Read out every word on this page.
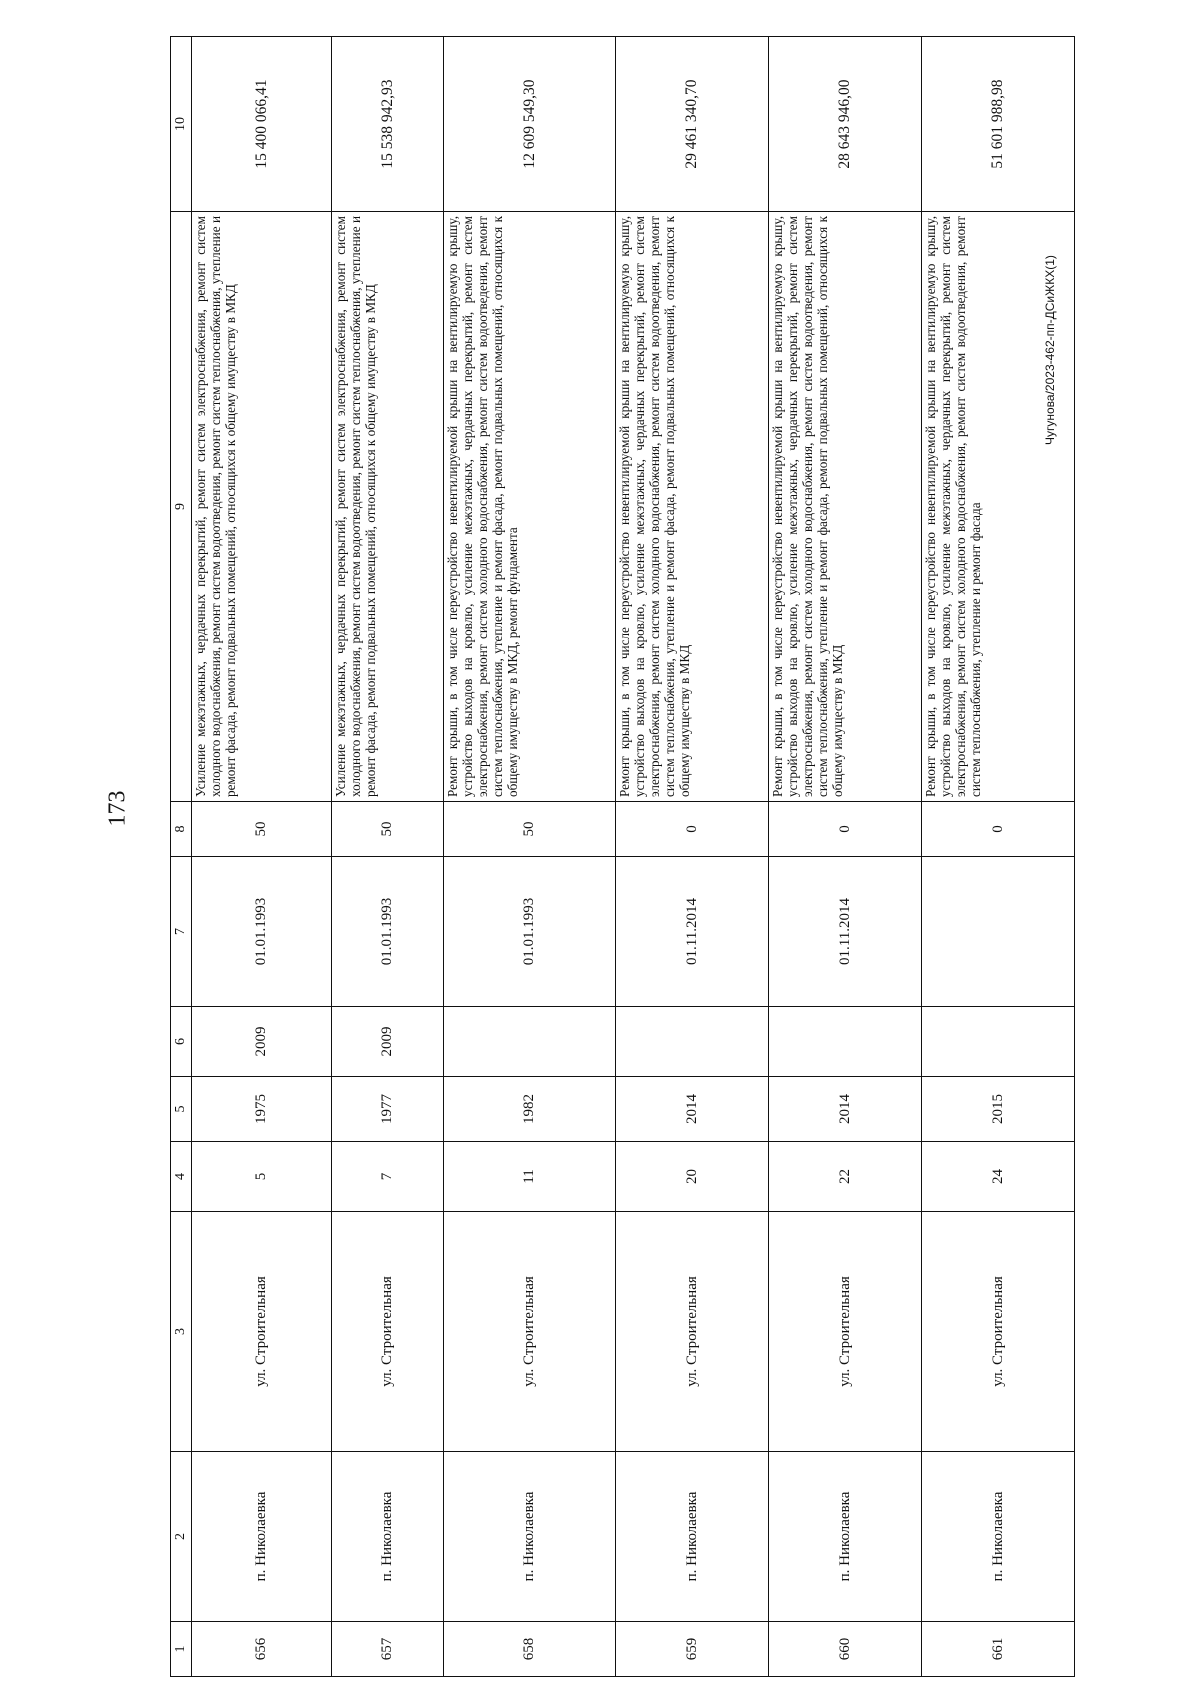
173
Чугунова/2023-462-пп-ДСиЖКХ(1)
1	2	3	4	5	6	7	8	9	10
656	п. Николаевка	ул. Строительная	5	1975	2009	01.01.1993	50	Усиление межэтажных, чердачных перекрытий, ремонт систем электроснабжения, ремонт систем холодного водоснабжения, ремонт систем водоотведения, ремонт систем теплоснабжения, утепление и ремонт фасада, ремонт подвальных помещений, относящихся к общему имуществу в МКД	15 400 066,41
657	п. Николаевка	ул. Строительная	7	1977	2009	01.01.1993	50	Усиление межэтажных, чердачных перекрытий, ремонт систем электроснабжения, ремонт систем холодного водоснабжения, ремонт систем водоотведения, ремонт систем теплоснабжения, утепление и ремонт фасада, ремонт подвальных помещений, относящихся к общему имуществу в МКД	15 538 942,93
658	п. Николаевка	ул. Строительная	11	1982		01.01.1993	50	Ремонт крыши, в том числе переустройство невентилируемой крыши на вентилируемую крышу, устройство выходов на кровлю, усиление межэтажных, чердачных перекрытий, ремонт систем электроснабжения, ремонт систем холодного водоснабжения, ремонт систем водоотведения, ремонт систем теплоснабжения, утепление и ремонт фасада, ремонт подвальных помещений, относящихся к общему имуществу в МКД, ремонт фундамента	12 609 549,30
659	п. Николаевка	ул. Строительная	20	2014		01.11.2014	0	Ремонт крыши, в том числе переустройство невентилируемой крыши на вентилируемую крышу, устройство выходов на кровлю, усиление межэтажных, чердачных перекрытий, ремонт систем электроснабжения, ремонт систем холодного водоснабжения, ремонт систем водоотведения, ремонт систем теплоснабжения, утепление и ремонт фасада, ремонт подвальных помещений, относящихся к общему имуществу в МКД	29 461 340,70
660	п. Николаевка	ул. Строительная	22	2014		01.11.2014	0	Ремонт крыши, в том числе переустройство невентилируемой крыши на вентилируемую крышу, устройство выходов на кровлю, усиление межэтажных, чердачных перекрытий, ремонт систем электроснабжения, ремонт систем холодного водоснабжения, ремонт систем водоотведения, ремонт систем теплоснабжения, утепление и ремонт фасада, ремонт подвальных помещений, относящихся к общему имуществу в МКД	28 643 946,00
661	п. Николаевка	ул. Строительная	24	2015			0	Ремонт крыши, в том числе переустройство невентилируемой крыши на вентилируемую крышу, устройство выходов на кровлю, усиление межэтажных, чердачных перекрытий, ремонт систем электроснабжения, ремонт систем холодного водоснабжения, ремонт систем водоотведения, ремонт систем теплоснабжения, утепление и ремонт фасада	51 601 988,98
